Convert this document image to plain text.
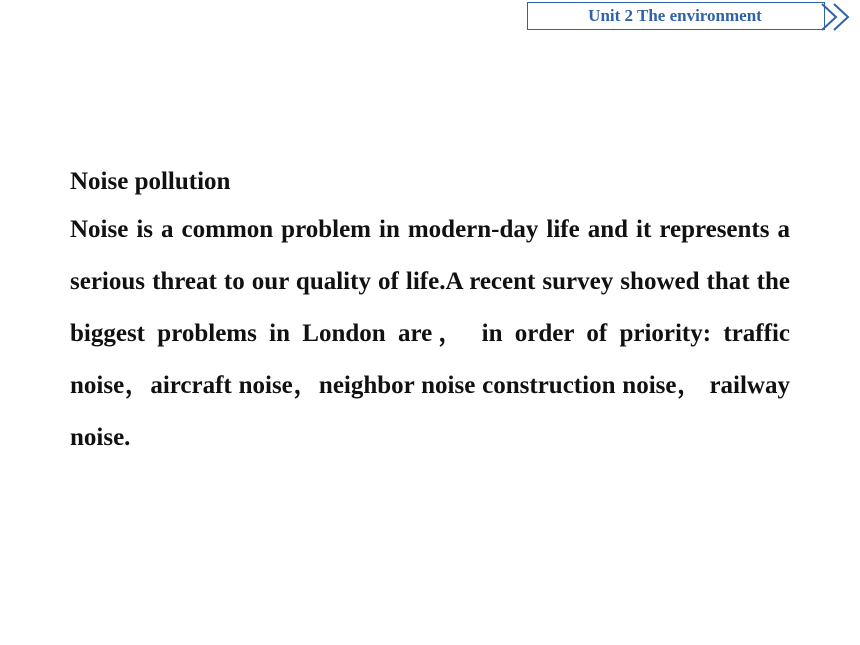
Unit 2 The environment

Noise pollution

Noise is a common problem in modern‐day life and it represents a serious threat to our quality of life.A recent survey showed that the biggest problems in London are， in order of priority: traffic noise，aircraft noise，neighbor noise construction noise， railway noise.
